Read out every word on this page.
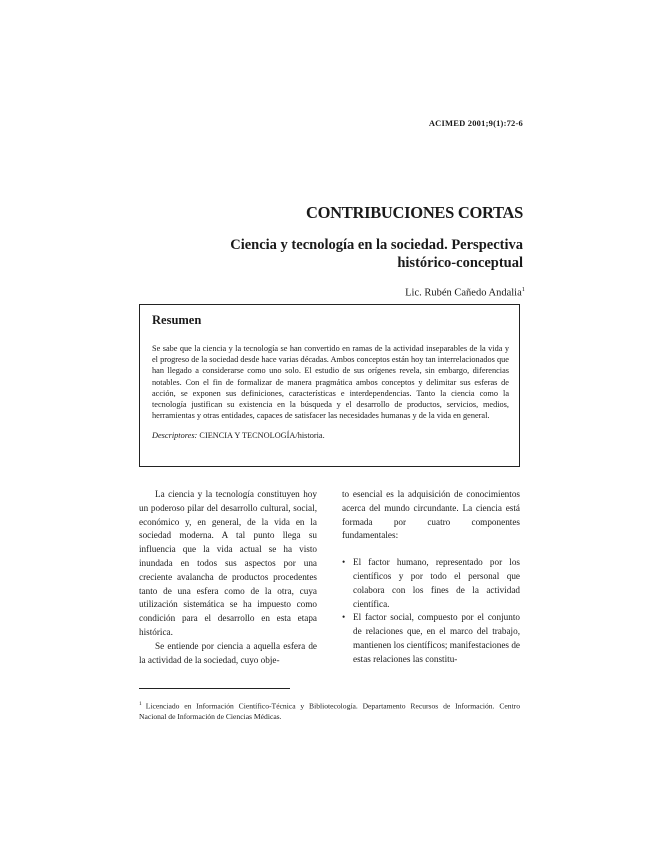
ACIMED 2001;9(1):72-6
CONTRIBUCIONES CORTAS
Ciencia y tecnología en la sociedad. Perspectiva
histórico-conceptual
Lic. Rubén Cañedo Andalia$^1$
Resumen

Se sabe que la ciencia y la tecnología se han convertido en ramas de la actividad inseparables de la vida y el progreso de la sociedad desde hace varias décadas. Ambos conceptos están hoy tan interrelacionados que han llegado a considerarse como uno solo. El estudio de sus orígenes revela, sin embargo, diferencias notables. Con el fin de formalizar de manera pragmática ambos conceptos y delimitar sus esferas de acción, se exponen sus definiciones, características e interdependencias. Tanto la ciencia como la tecnología justifican su existencia en la búsqueda y el desarrollo de productos, servicios, medios, herramientas y otras entidades, capaces de satisfacer las necesidades humanas y de la vida en general.

Descriptores: CIENCIA Y TECNOLOGÍA/historia.

La ciencia y la tecnología constituyen hoy un poderoso pilar del desarrollo cultural, social, económico y, en general, de la vida en la sociedad moderna. A tal punto llega su influencia que la vida actual se ha visto inundada en todos sus aspectos por una creciente avalancha de productos procedentes tanto de una esfera como de la otra, cuya utilización sistemática se ha impuesto como condición para el desarrollo en esta etapa histórica.

Se entiende por ciencia a aquella esfera de la actividad de la sociedad, cuyo obje-

to esencial es la adquisición de conocimientos acerca del mundo circundante. La ciencia está formada por cuatro componentes fundamentales:

• El factor humano, representado por los científicos y por todo el personal que colabora con los fines de la actividad científica.
• El factor social, compuesto por el conjunto de relaciones que, en el marco del trabajo, mantienen los científicos; manifestaciones de estas relaciones las constitu-
$^1$ Licenciado en Información Científico-Técnica y Bibliotecología. Departamento Recursos de Información. Centro Nacional de Información de Ciencias Médicas.
